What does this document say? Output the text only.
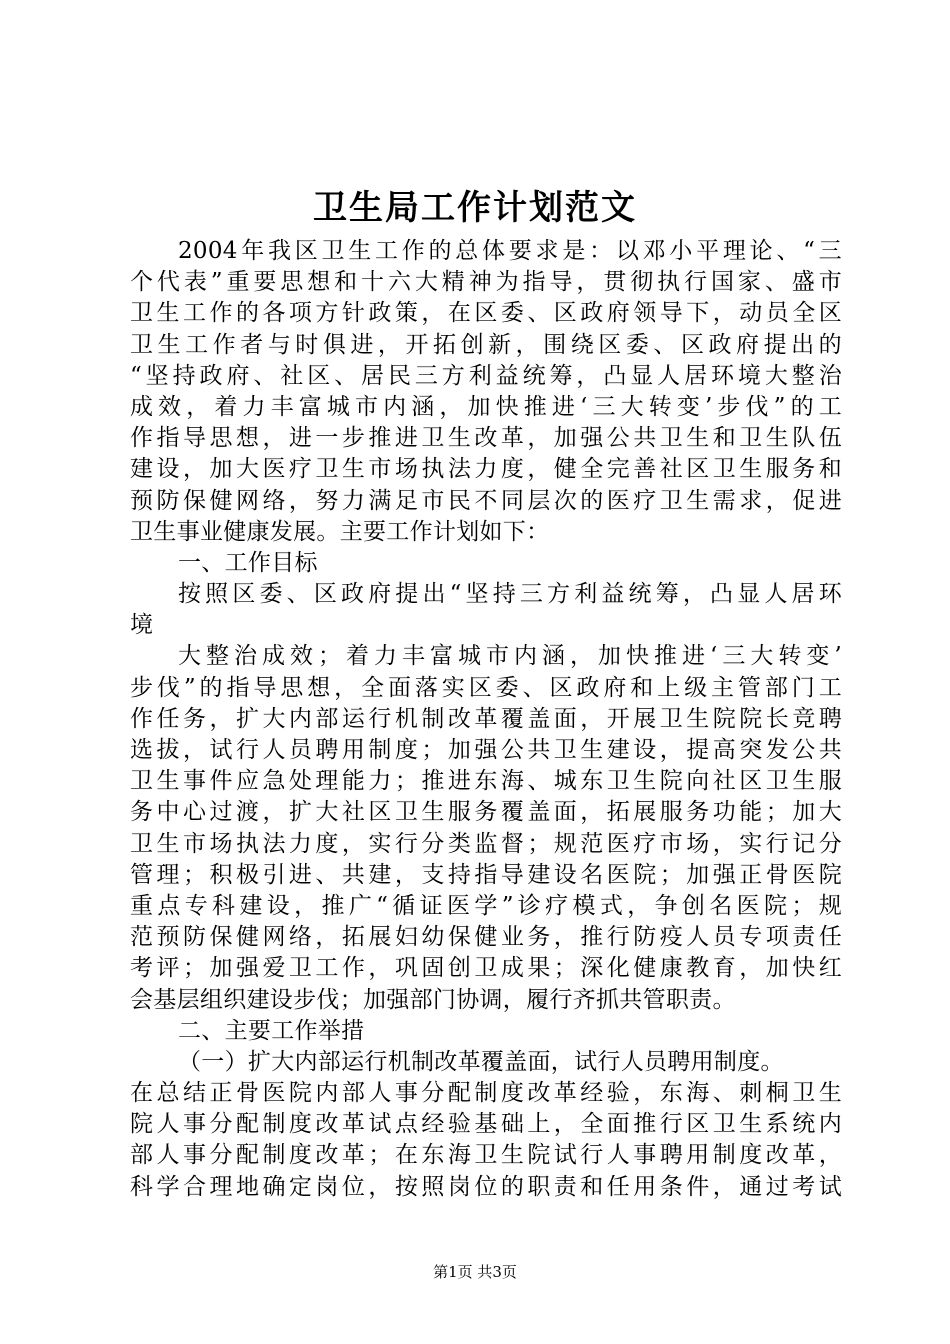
卫生局工作计划范文
2004年我区卫生工作的总体要求是：以邓小平理论、“三
个代表”重要思想和十六大精神为指导，贯彻执行国家、盛市
卫生工作的各项方针政策，在区委、区政府领导下，动员全区
卫生工作者与时俱进，开拓创新，围绕区委、区政府提出的
“坚持政府、社区、居民三方利益统筹，凸显人居环境大整治
成效，着力丰富城市内涵，加快推进‘三大转变’步伐”的工
作指导思想，进一步推进卫生改革，加强公共卫生和卫生队伍
建设，加大医疗卫生市场执法力度，健全完善社区卫生服务和
预防保健网络，努力满足市民不同层次的医疗卫生需求，促进
卫生事业健康发展。主要工作计划如下：
一、工作目标
按照区委、区政府提出“坚持三方利益统筹，凸显人居环
境
大整治成效；着力丰富城市内涵，加快推进‘三大转变’
步伐”的指导思想，全面落实区委、区政府和上级主管部门工
作任务，扩大内部运行机制改革覆盖面，开展卫生院院长竞聘
选拔，试行人员聘用制度；加强公共卫生建设，提高突发公共
卫生事件应急处理能力；推进东海、城东卫生院向社区卫生服
务中心过渡，扩大社区卫生服务覆盖面，拓展服务功能；加大
卫生市场执法力度，实行分类监督；规范医疗市场，实行记分
管理；积极引进、共建，支持指导建设名医院；加强正骨医院
重点专科建设，推广“循证医学”诊疗模式，争创名医院；规
范预防保健网络，拓展妇幼保健业务，推行防疫人员专项责任
考评；加强爱卫工作，巩固创卫成果；深化健康教育，加快红
会基层组织建设步伐；加强部门协调，履行齐抓共管职责。
二、主要工作举措
（一）扩大内部运行机制改革覆盖面，试行人员聘用制度。
在总结正骨医院内部人事分配制度改革经验，东海、刺桐卫生
院人事分配制度改革试点经验基础上，全面推行区卫生系统内
部人事分配制度改革；在东海卫生院试行人事聘用制度改革，
科学合理地确定岗位，按照岗位的职责和任用条件，通过考试
第1页 共3页
